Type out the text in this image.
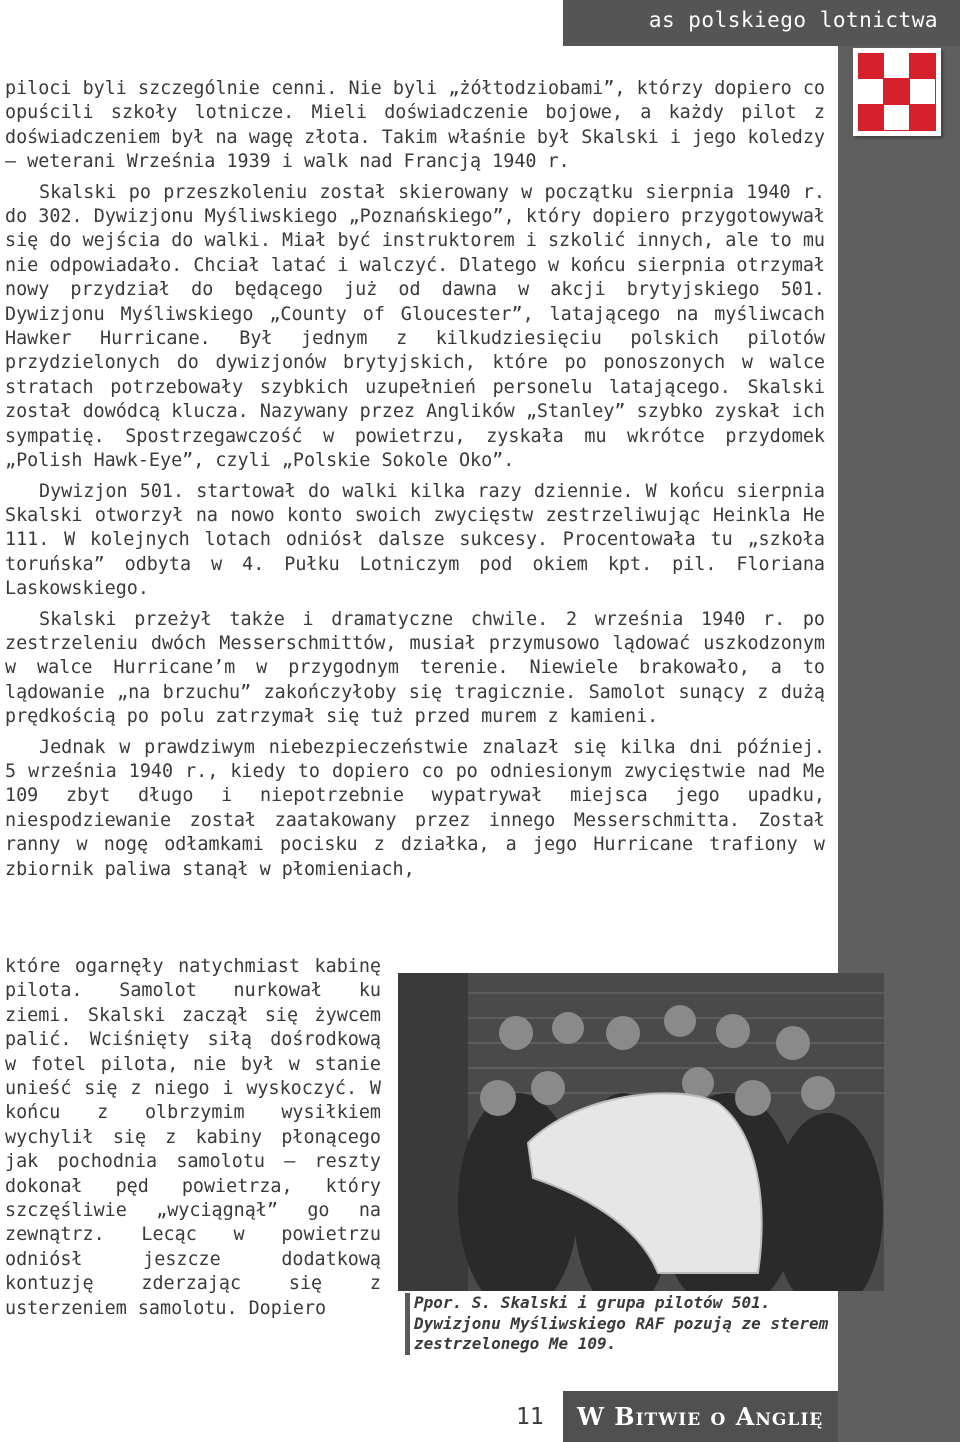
as polskiego lotnictwa

piloci byli szczególnie cenni. Nie byli „żółtodziobami”, którzy dopiero co opuścili szkoły lotnicze. Mieli doświadczenie bojowe, a każdy pilot z doświadczeniem był na wagę złota. Takim właśnie był Skalski i jego koledzy – weterani Września 1939 i walk nad Francją 1940 r.

Skalski po przeszkoleniu został skierowany w początku sierpnia 1940 r. do 302. Dywizjonu Myśliwskiego „Poznańskiego”, który dopiero przygotowywał się do wejścia do walki. Miał być instruktorem i szkolić innych, ale to mu nie odpowiadało. Chciał latać i walczyć. Dlatego w końcu sierpnia otrzymał nowy przydział do będącego już od dawna w akcji brytyjskiego 501. Dywizjonu Myśliwskiego „County of Gloucester”, latającego na myśliwcach Hawker Hurricane. Był jednym z kilkudziesięciu polskich pilotów przydzielonych do dywizjonów brytyjskich, które po ponoszonych w walce stratach potrzebowały szybkich uzupełnień personelu latającego. Skalski został dowódcą klucza. Nazywany przez Anglików „Stanley” szybko zyskał ich sympatię. Spostrzegawczość w powietrzu, zyskała mu wkrótce przydomek „Polish Hawk-Eye”, czyli „Polskie Sokole Oko”.

Dywizjon 501. startował do walki kilka razy dziennie. W końcu sierpnia Skalski otworzył na nowo konto swoich zwycięstw zestrzeliwując Heinkla He 111. W kolejnych lotach odniósł dalsze sukcesy. Procentowała tu „szkoła toruńska” odbyta w 4. Pułku Lotniczym pod okiem kpt. pil. Floriana Laskowskiego.

Skalski przeżył także i dramatyczne chwile. 2 września 1940 r. po zestrzeleniu dwóch Messerschmittów, musiał przymusowo lądować uszkodzonym w walce Hurricane’m w przygodnym terenie. Niewiele brakowało, a to lądowanie „na brzuchu” zakończyłoby się tragicznie. Samolot sunący z dużą prędkością po polu zatrzymał się tuż przed murem z kamieni.

Jednak w prawdziwym niebezpieczeństwie znalazł się kilka dni później. 5 września 1940 r., kiedy to dopiero co po odniesionym zwycięstwie nad Me 109 zbyt długo i niepotrzebnie wypatrywał miejsca jego upadku, niespodziewanie został zaatakowany przez innego Messerschmitta. Został ranny w nogę odłamkami pocisku z działka, a jego Hurricane trafiony w zbiornik paliwa stanął w płomieniach,

które ogarnęły natychmiast kabinę pilota. Samolot nurkował ku ziemi. Skalski zaczął się żywcem palić. Wciśnięty siłą dośrodkową w fotel pilota, nie był w stanie unieść się z niego i wyskoczyć. W końcu z olbrzymim wysiłkiem wychylił się z kabiny płonącego jak pochodnia samolotu – reszty dokonał pęd powietrza, który szczęśliwie „wyciągnął” go na zewnątrz. Lecąc w powietrzu odniósł jeszcze dodatkową kontuzję zderzając się z usterzeniem samolotu. Dopiero	Ppor. S. Skalski i grupa pilotów 501. Dywizjonu Myśliwskiego RAF pozują ze sterem zestrzelonego Me 109.
11 W Bitwie o Anglię
